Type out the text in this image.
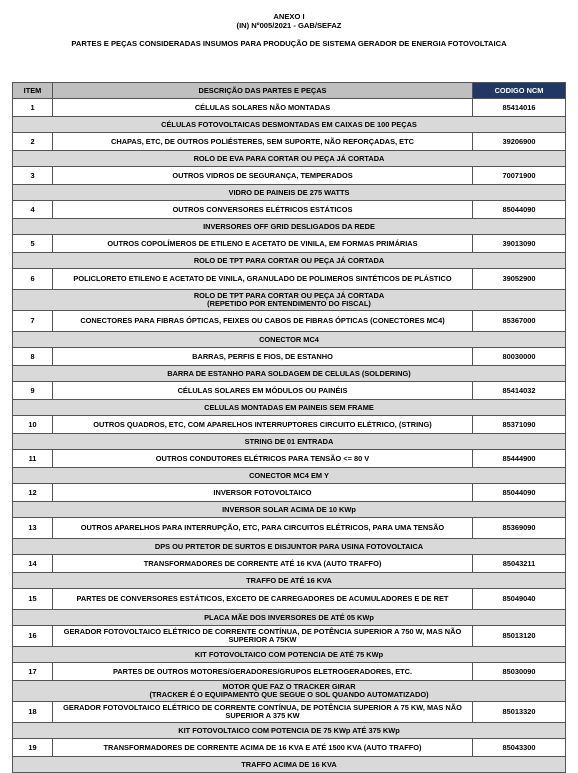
ANEXO I
(IN) Nº005/2021 - GAB/SEFAZ
PARTES E PEÇAS CONSIDERADAS INSUMOS PARA PRODUÇÃO DE SISTEMA GERADOR DE ENERGIA FOTOVOLTAICA
ITEM	DESCRIÇÃO DAS PARTES E PEÇAS	CODIGO NCM
1	CÉLULAS SOLARES NÃO MONTADAS	85414016

CÉLULAS FOTOVOLTAICAS DESMONTADAS EM CAIXAS DE 100 PEÇAS		

2	CHAPAS, ETC, DE OUTROS POLIÉSTERES, SEM SUPORTE, NÃO REFORÇADAS, ETC	39206900

ROLO DE EVA PARA CORTAR OU PEÇA JÁ CORTADA		

3	OUTROS VIDROS DE SEGURANÇA, TEMPERADOS	70071900

VIDRO DE PAINEIS DE 275 WATTS		

4	OUTROS CONVERSORES ELÉTRICOS ESTÁTICOS	85044090

INVERSORES OFF GRID DESLIGADOS DA REDE		

5	OUTROS COPOLÍMEROS DE ETILENO E ACETATO DE VINILA, EM FORMAS PRIMÁRIAS	39013090

ROLO DE TPT PARA CORTAR OU PEÇA JÁ CORTADA		

6	POLICLORETO ETILENO E ACETATO DE VINILA, GRANULADO DE POLIMEROS SINTÉTICOS DE PLÁSTICO	39052900

ROLO DE TPT PARA CORTAR OU PEÇA JÁ CORTADA
(REPETIDO POR ENTENDIMENTO DO FISCAL)		

7	CONECTORES PARA FIBRAS ÓPTICAS, FEIXES OU CABOS DE FIBRAS ÓPTICAS (CONECTORES MC4)	85367000

CONECTOR MC4		

8	BARRAS, PERFIS E FIOS, DE ESTANHO	80030000

BARRA DE ESTANHO PARA SOLDAGEM DE CELULAS (SOLDERING)		

9	CÉLULAS SOLARES EM MÓDULOS OU PAINÉIS	85414032

CELULAS MONTADAS EM PAINEIS SEM FRAME		

10	OUTROS QUADROS, ETC, COM APARELHOS INTERRUPTORES CIRCUITO ELÉTRICO, (STRING)	85371090

STRING DE 01 ENTRADA		

11	OUTROS CONDUTORES ELÉTRICOS PARA TENSÃO <= 80 V	85444900

CONECTOR MC4 EM Y		

12	INVERSOR FOTOVOLTAICO	85044090

INVERSOR SOLAR ACIMA DE 10 KWp		

13	OUTROS APARELHOS PARA INTERRUPÇÃO, ETC, PARA CIRCUITOS ELÉTRICOS, PARA UMA TENSÃO	85369090

DPS OU PRTETOR DE SURTOS E DISJUNTOR PARA USINA FOTOVOLTAICA		

14	TRANSFORMADORES DE CORRENTE ATÉ 16 KVA (AUTO TRAFFO)	85043211

TRAFFO DE ATÉ 16 KVA		

15	PARTES DE CONVERSORES ESTÁTICOS, EXCETO DE CARREGADORES DE ACUMULADORES E DE RET	85049040

PLACA MÃE DOS INVERSORES DE ATÉ 05 KWp		

16	GERADOR FOTOVOLTAICO ELÉTRICO DE CORRENTE CONTÍNUA, DE POTÊNCIA SUPERIOR A 750 W, MAS NÃO SUPERIOR A 75KW	85013120

KIT FOTOVOLTAICO COM POTENCIA DE ATÉ 75 KWp		

17	PARTES DE OUTROS MOTORES/GERADORES/GRUPOS ELETROGERADORES, ETC.	85030090

MOTOR QUE FAZ O TRACKER GIRAR
(TRACKER É O EQUIPAMENTO QUE SEGUE O SOL QUANDO AUTOMATIZADO)		

18	GERADOR FOTOVOLTAICO ELÉTRICO DE CORRENTE CONTÍNUA, DE POTÊNCIA SUPERIOR A 75 KW, MAS NÃO SUPERIOR A 375 KW	85013320

KIT FOTOVOLTAICO COM POTENCIA DE 75 KWp ATÉ 375 KWp		

19	TRANSFORMADORES DE CORRENTE ACIMA DE 16 KVA E ATÉ 1500 KVA (AUTO TRAFFO)	85043300

TRAFFO ACIMA DE 16 KVA		
